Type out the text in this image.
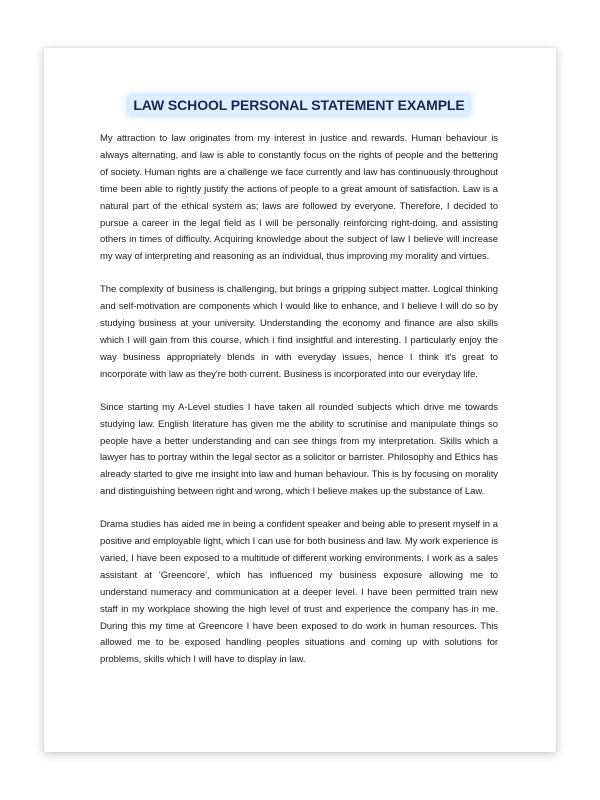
LAW SCHOOL PERSONAL STATEMENT EXAMPLE

My attraction to law originates from my interest in justice and rewards. Human behaviour is always alternating, and law is able to constantly focus on the rights of people and the bettering of society. Human rights are a challenge we face currently and law has continuously throughout time been able to rightly justify the actions of people to a great amount of satisfaction. Law is a natural part of the ethical system as; laws are followed by everyone. Therefore, I decided to pursue a career in the legal field as I will be personally reinforcing right-doing, and assisting others in times of difficulty. Acquiring knowledge about the subject of law I believe will increase my way of interpreting and reasoning as an individual, thus improving my morality and virtues.

The complexity of business is challenging, but brings a gripping subject matter. Logical thinking and self-motivation are components which I would like to enhance, and I believe I will do so by studying business at your university. Understanding the economy and finance are also skills which I will gain from this course, which i find insightful and interesting. I particularly enjoy the way business appropriately blends in with everyday issues, hence I think it's great to incorporate with law as they're both current. Business is incorporated into our everyday life.

Since starting my A-Level studies I have taken all rounded subjects which drive me towards studying law. English literature has given me the ability to scrutinise and manipulate things so people have a better understanding and can see things from my interpretation. Skills which a lawyer has to portray within the legal sector as a solicitor or barrister. Philosophy and Ethics has already started to give me insight into law and human behaviour. This is by focusing on morality and distinguishing between right and wrong, which I believe makes up the substance of Law.

Drama studies has aided me in being a confident speaker and being able to present myself in a positive and employable light, which I can use for both business and law. My work experience is varied, I have been exposed to a multitude of different working environments. I work as a sales assistant at 'Greencore', which has influenced my business exposure allowing me to understand numeracy and communication at a deeper level. I have been permitted train new staff in my workplace showing the high level of trust and experience the company has in me. During this my time at Greencore I have been exposed to do work in human resources. This allowed me to be exposed handling peoples situations and coming up with solutions for problems, skills which I will have to display in law.
